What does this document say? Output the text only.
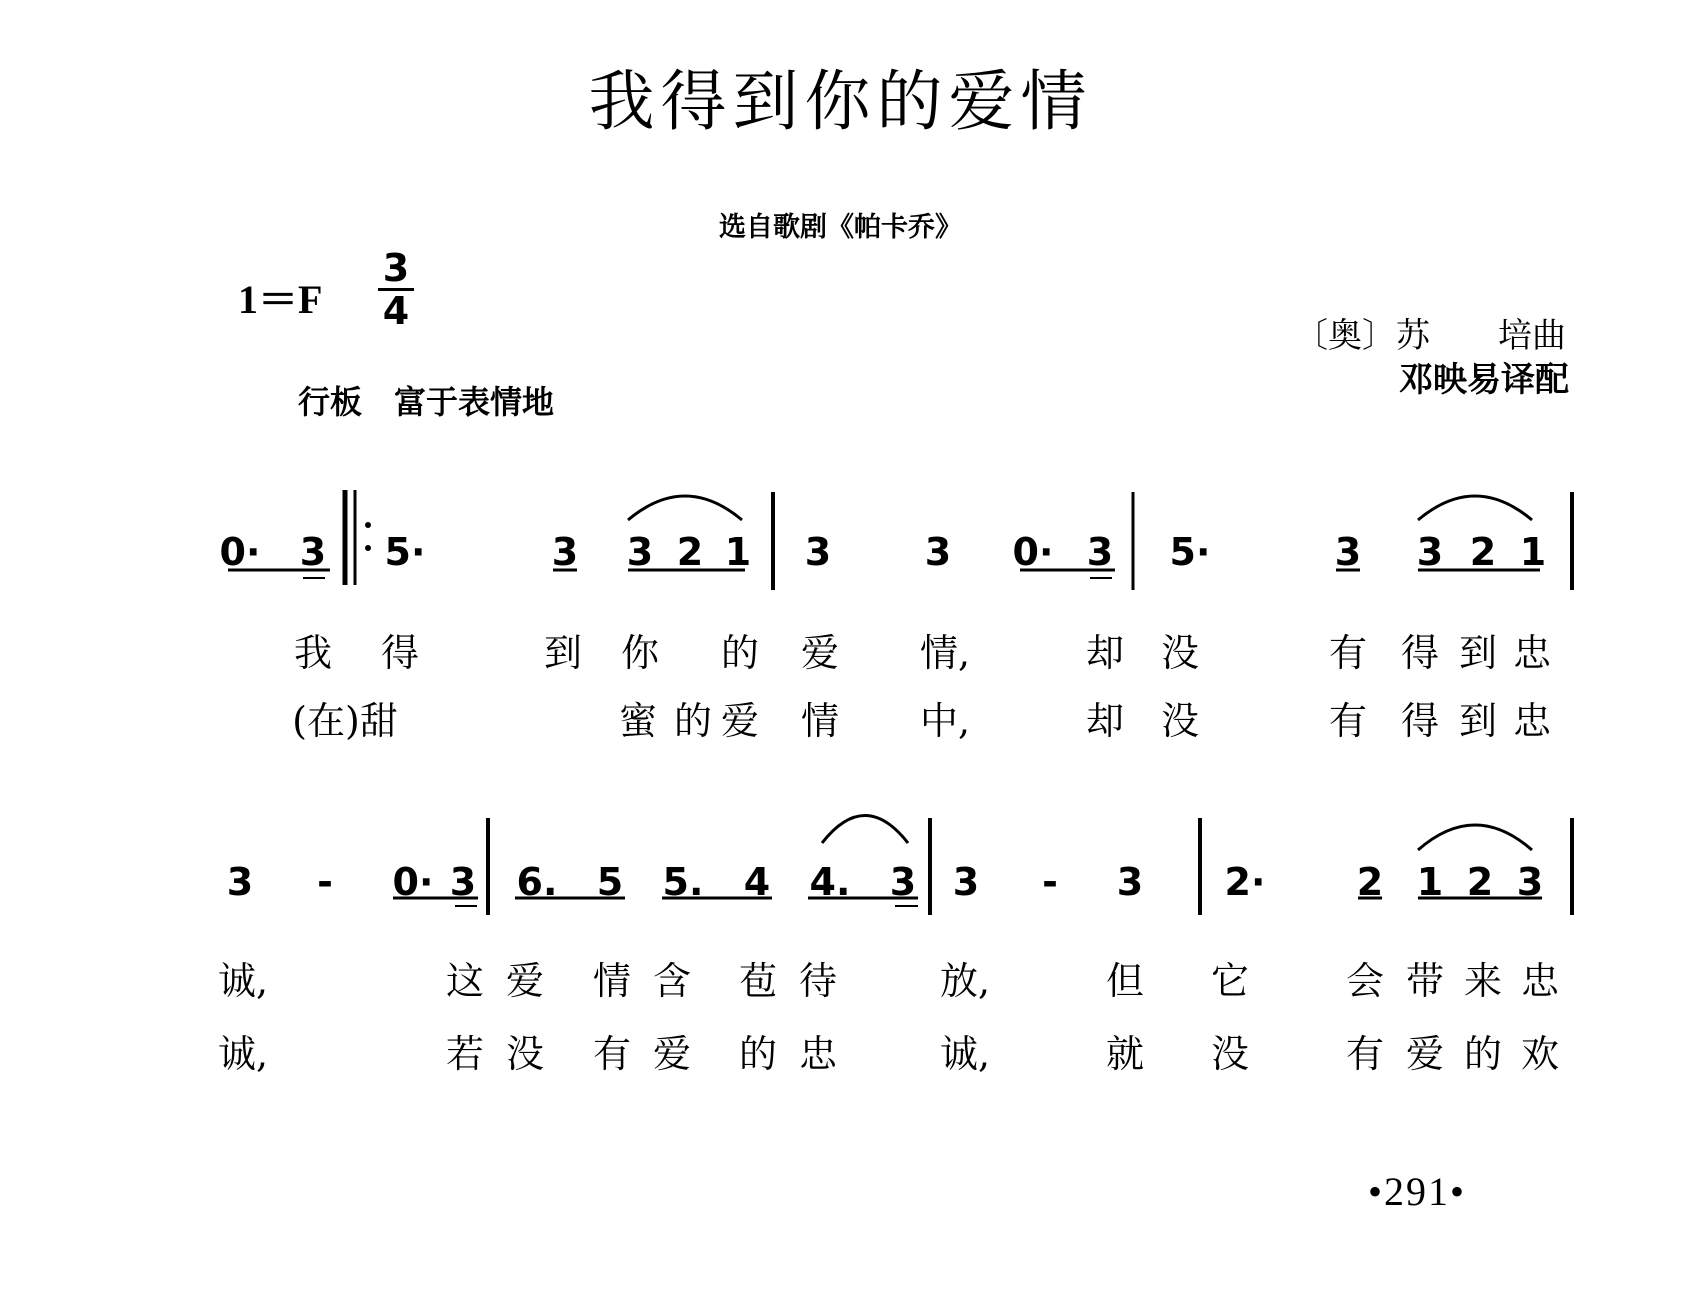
我得到你的爱情
选自歌剧《帕卡乔》
$1=F \frac{3}{4}$
行板　富于表情地
〔奥〕苏　　培曲
邓映易译配
0· 3 5·	3 3 2 1 3 3 0· 3 5·	3 3 2 1
我 得	到 你 的 爱 情,	却 没	有 得 到 忠
(在)甜	蜜 的 爱 情 中,	却 没	有 得 到 忠
3 - 0· 3 6. 5 5. 4 4. 3 3 - 3 2· 2 1 2 3
诚,	这 爱 情 含 苞 待	放,	但 它	会 带 来 忠
诚,	若 没 有 爱 的 忠	诚,	就 没	有 爱 的 欢
•291•
